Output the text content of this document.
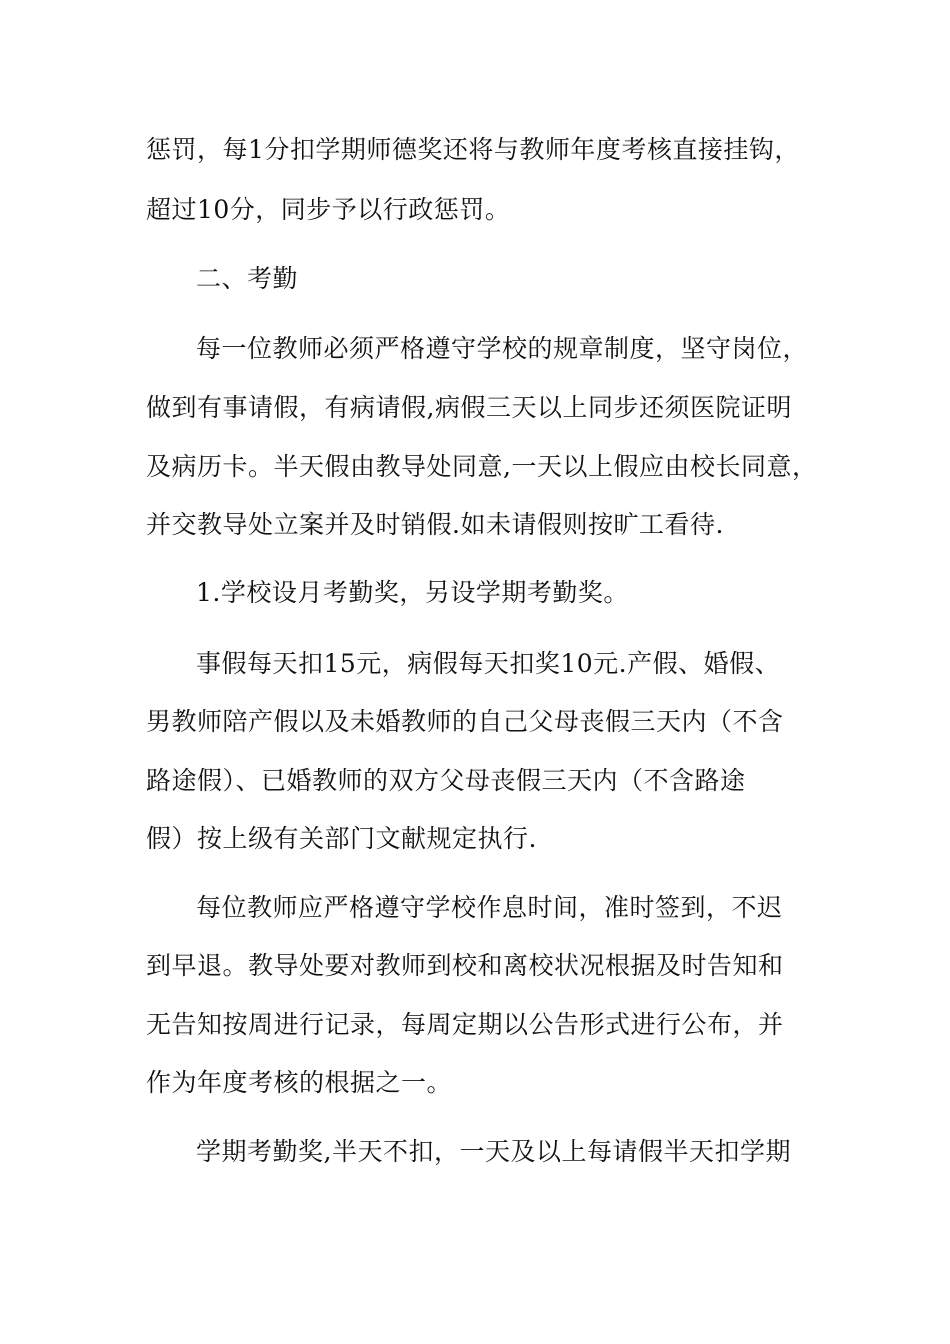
惩罚，每1分扣学期师德奖还将与教师年度考核直接挂钩，
超过10分，同步予以行政惩罚。
二、考勤
每一位教师必须严格遵守学校的规章制度，坚守岗位，
做到有事请假，有病请假,病假三天以上同步还须医院证明
及病历卡。半天假由教导处同意,一天以上假应由校长同意，
并交教导处立案并及时销假.如未请假则按旷工看待.
1.学校设月考勤奖，另设学期考勤奖。
事假每天扣15元，病假每天扣奖10元.产假、婚假、
男教师陪产假以及未婚教师的自己父母丧假三天内（不含
路途假）、已婚教师的双方父母丧假三天内（不含路途
假）按上级有关部门文献规定执行.
每位教师应严格遵守学校作息时间，准时签到，不迟
到早退。教导处要对教师到校和离校状况根据及时告知和
无告知按周进行记录，每周定期以公告形式进行公布，并
作为年度考核的根据之一。
学期考勤奖,半天不扣，一天及以上每请假半天扣学期
